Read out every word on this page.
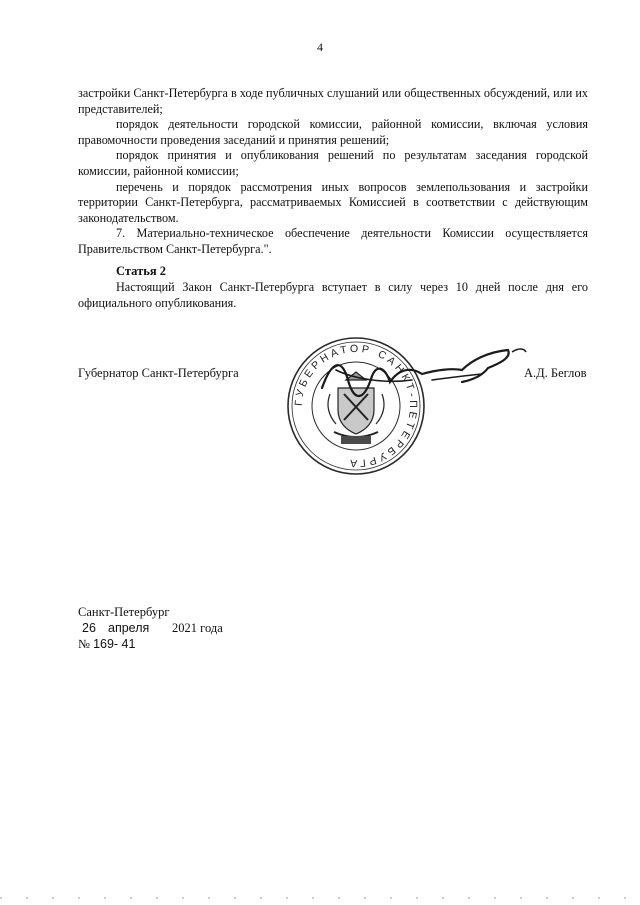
4

застройки Санкт-Петербурга в ходе публичных слушаний или общественных обсуждений, или их представителей;

порядок деятельности городской комиссии, районной комиссии, включая условия правомочности проведения заседаний и принятия решений;

порядок принятия и опубликования решений по результатам заседания городской комиссии, районной комиссии;

перечень и порядок рассмотрения иных вопросов землепользования и застройки территории Санкт-Петербурга, рассматриваемых Комиссией в соответствии с действующим законодательством.

7. Материально-техническое обеспечение деятельности Комиссии осуществляется Правительством Санкт-Петербурга.".

Статья 2
Настоящий Закон Санкт-Петербурга вступает в силу через 10 дней после дня его официального опубликования.
Губернатор Санкт-Петербурга
ГУБЕРНАТОР САНКТ-ПЕТЕРБУРГА
А.Д. Беглов
Санкт-Петербург
26 апреля 2021 года
№ 169- 41
